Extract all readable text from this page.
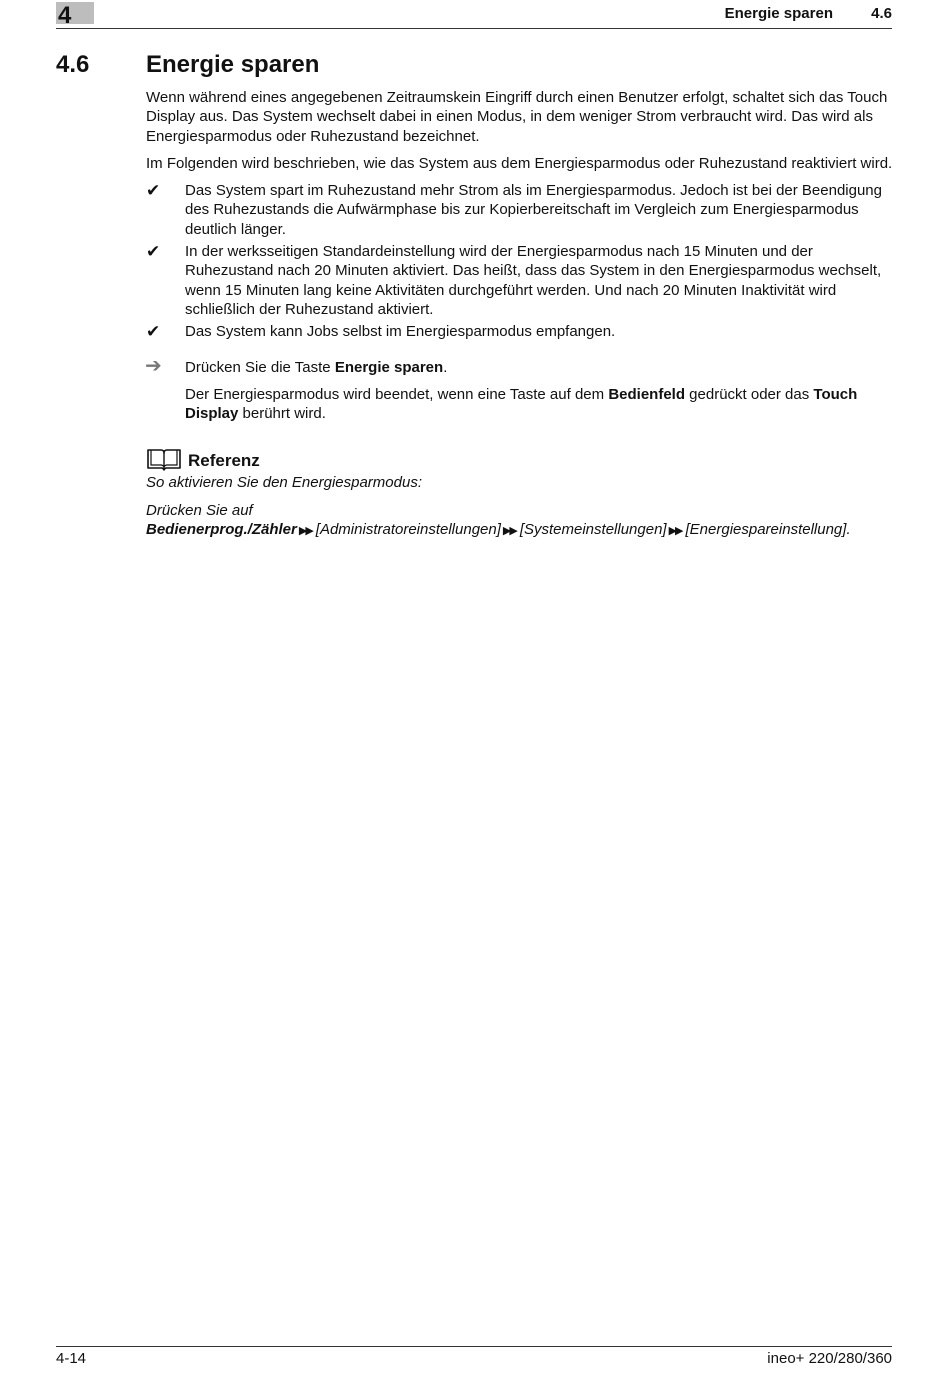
4	Energie sparen	4.6
4.6 Energie sparen

Wenn während eines angegebenen Zeitraumskein Eingriff durch einen Benutzer erfolgt, schaltet sich das Touch Display aus. Das System wechselt dabei in einen Modus, in dem weniger Strom verbraucht wird. Das wird als Energiesparmodus oder Ruhezustand bezeichnet.

Im Folgenden wird beschrieben, wie das System aus dem Energiesparmodus oder Ruhezustand reaktiviert wird.

✔ Das System spart im Ruhezustand mehr Strom als im Energiesparmodus. Jedoch ist bei der Beendigung des Ruhezustands die Aufwärmphase bis zur Kopierbereitschaft im Vergleich zum Energiesparmodus deutlich länger.
✔ In der werksseitigen Standardeinstellung wird der Energiesparmodus nach 15 Minuten und der Ruhezustand nach 20 Minuten aktiviert. Das heißt, dass das System in den Energiesparmodus wechselt, wenn 15 Minuten lang keine Aktivitäten durchgeführt werden. Und nach 20 Minuten Inaktivität wird schließlich der Ruhezustand aktiviert.
✔ Das System kann Jobs selbst im Energiesparmodus empfangen.
➔ Drücken Sie die Taste Energie sparen.
Der Energiesparmodus wird beendet, wenn eine Taste auf dem Bedienfeld gedrückt oder das Touch Display berührt wird.
Referenz

So aktivieren Sie den Energiesparmodus:

Drücken Sie auf Bedienerprog./Zähler ▶▶ [Administratoreinstellungen] ▶▶ [Systemeinstellungen] ▶▶ [Energiespareinstellung].

4-14	ineo+ 220/280/360
